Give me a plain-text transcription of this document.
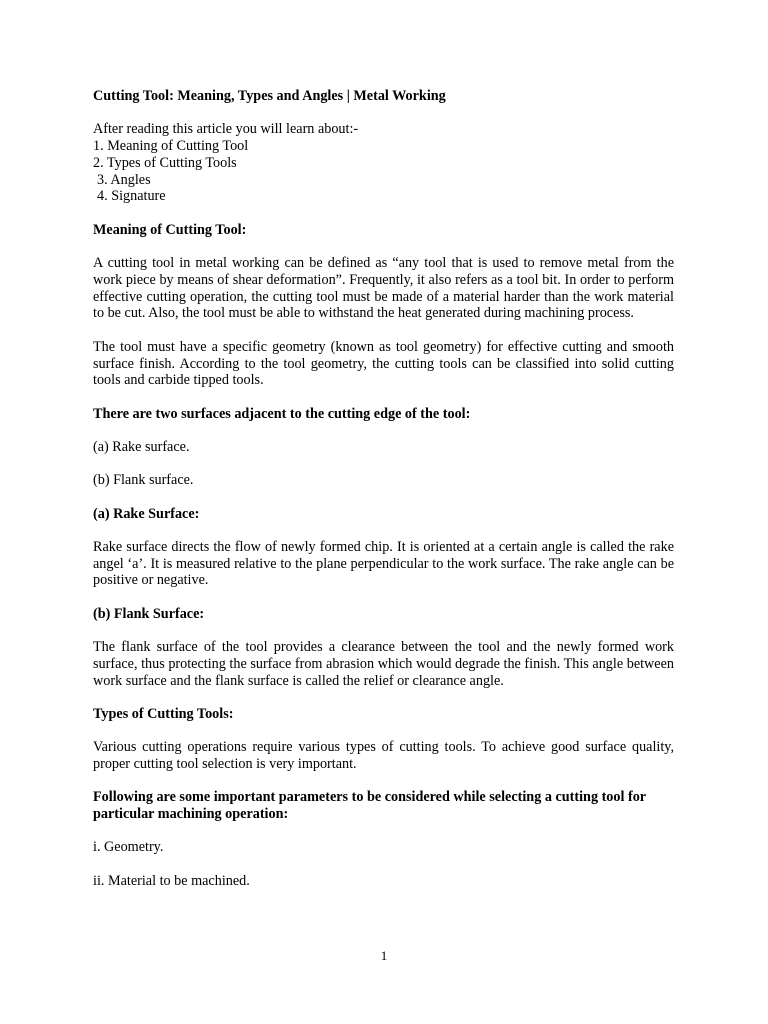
Cutting Tool: Meaning, Types and Angles | Metal Working

After reading this article you will learn about:-

1. Meaning of Cutting Tool
2. Types of Cutting Tools
3. Angles
4. Signature

Meaning of Cutting Tool:

A cutting tool in metal working can be defined as “any tool that is used to remove metal from the work piece by means of shear deformation”. Frequently, it also refers as a tool bit. In order to perform effective cutting operation, the cutting tool must be made of a material harder than the work material to be cut. Also, the tool must be able to withstand the heat generated during machining process.

The tool must have a specific geometry (known as tool geometry) for effective cutting and smooth surface finish. According to the tool geometry, the cutting tools can be classified into solid cutting tools and carbide tipped tools.

There are two surfaces adjacent to the cutting edge of the tool:

(a) Rake surface.

(b) Flank surface.

(a) Rake Surface:

Rake surface directs the flow of newly formed chip. It is oriented at a certain angle is called the rake angel ‘a’. It is measured relative to the plane perpendicular to the work surface. The rake angle can be positive or negative.

(b) Flank Surface:

The flank surface of the tool provides a clearance between the tool and the newly formed work surface, thus protecting the surface from abrasion which would degrade the finish. This angle between work surface and the flank surface is called the relief or clearance angle.

Types of Cutting Tools:

Various cutting operations require various types of cutting tools. To achieve good surface quality, proper cutting tool selection is very important.

Following are some important parameters to be considered while selecting a cutting tool for particular machining operation:

i. Geometry.

ii. Material to be machined.

1
